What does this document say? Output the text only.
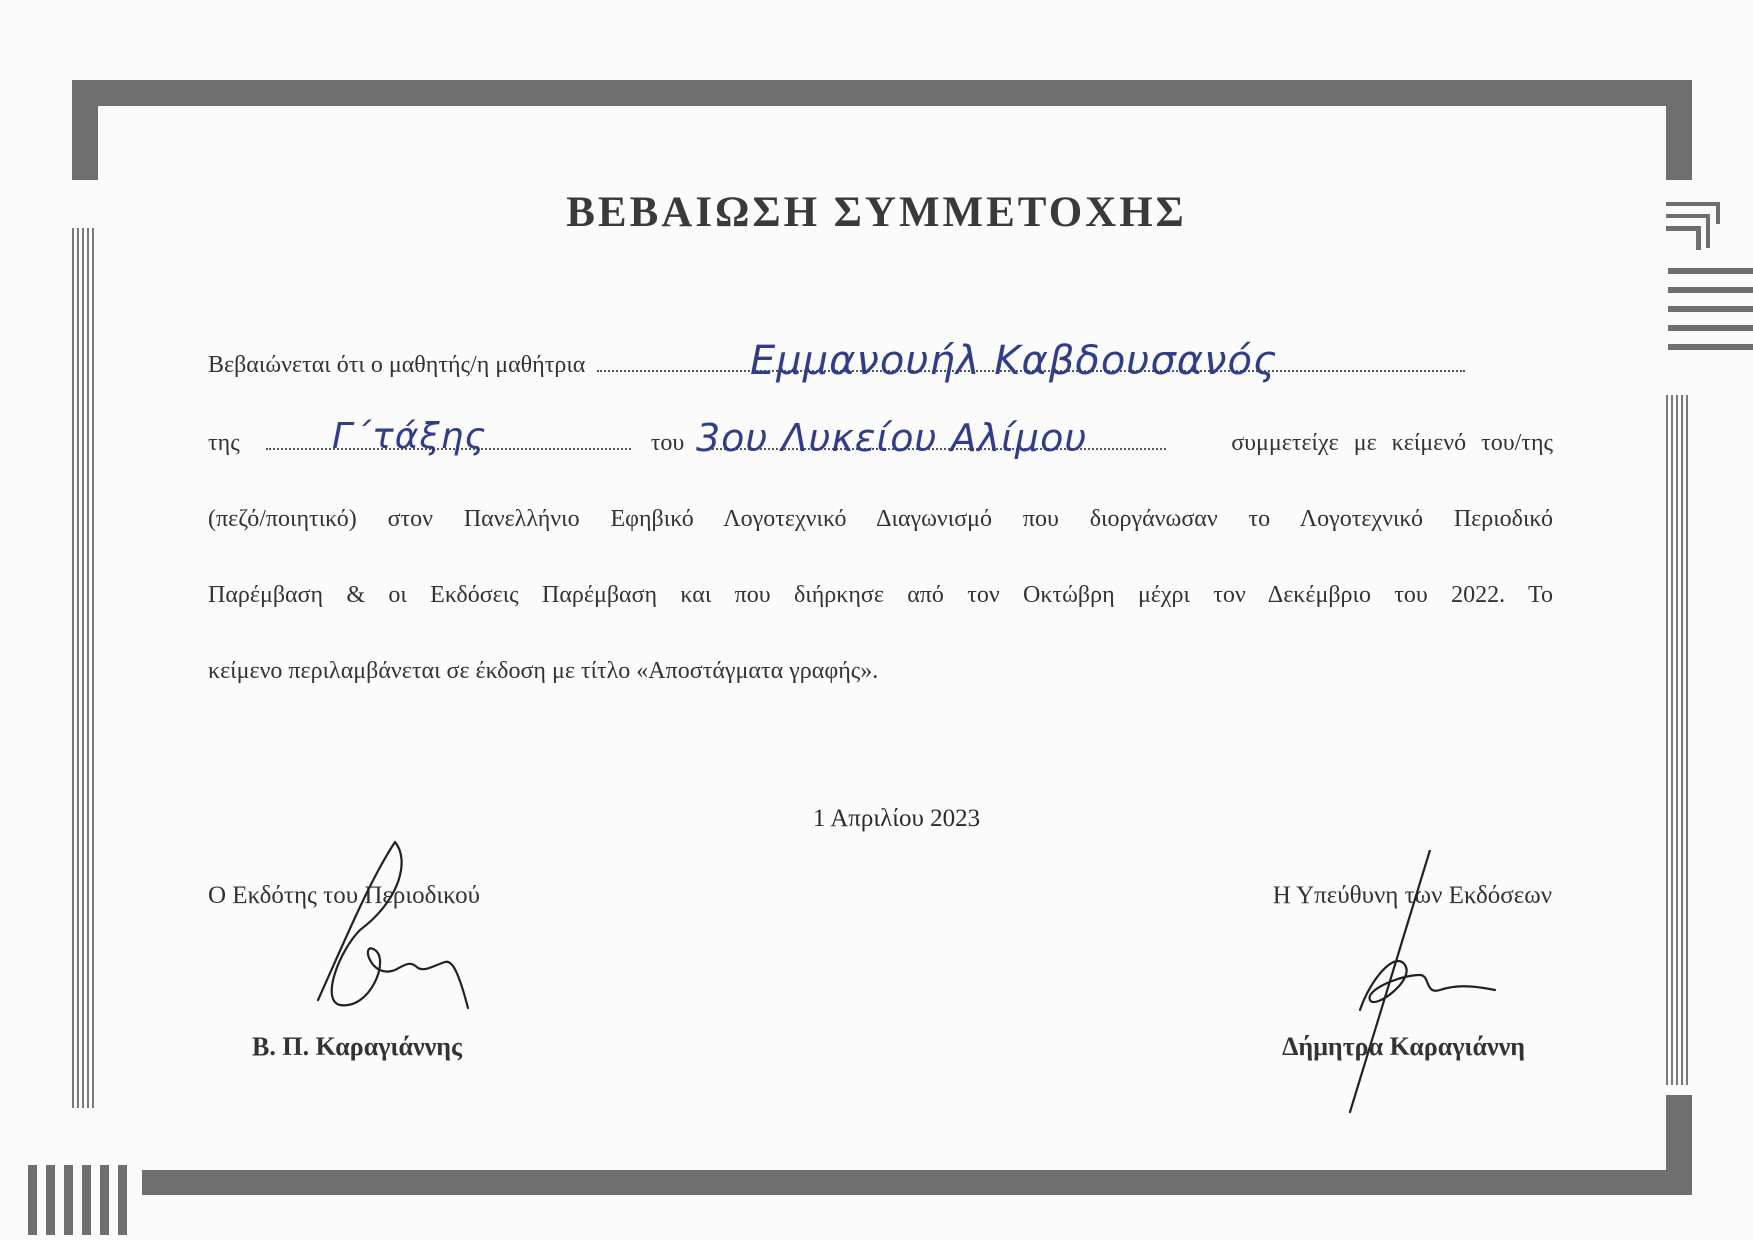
ΒΕΒΑΙΩΣΗ ΣΥΜΜΕΤΟΧΗΣ
Βεβαιώνεται ότι ο μαθητής/η μαθήτρια	Εμμανουήλ Καβδουσανός
της	του	συμμετείχε με κείμενό του/της
Γ΄τάξης	3ου Λυκείου Αλίμου
(πεζό/ποιητικό) στον Πανελλήνιο Εφηβικό Λογοτεχνικό Διαγωνισμό που διοργάνωσαν το Λογοτεχνικό Περιοδικό
Παρέμβαση & οι Εκδόσεις Παρέμβαση και που διήρκησε από τον Οκτώβρη μέχρι τον Δεκέμβριο του 2022. Το
κείμενο περιλαμβάνεται σε έκδοση με τίτλο «Αποστάγματα γραφής».
1 Απριλίου 2023
Ο Εκδότης του Περιοδικού	Η Υπεύθυνη των Εκδόσεων
Β. Π. Καραγιάννης	Δήμητρα Καραγιάννη
